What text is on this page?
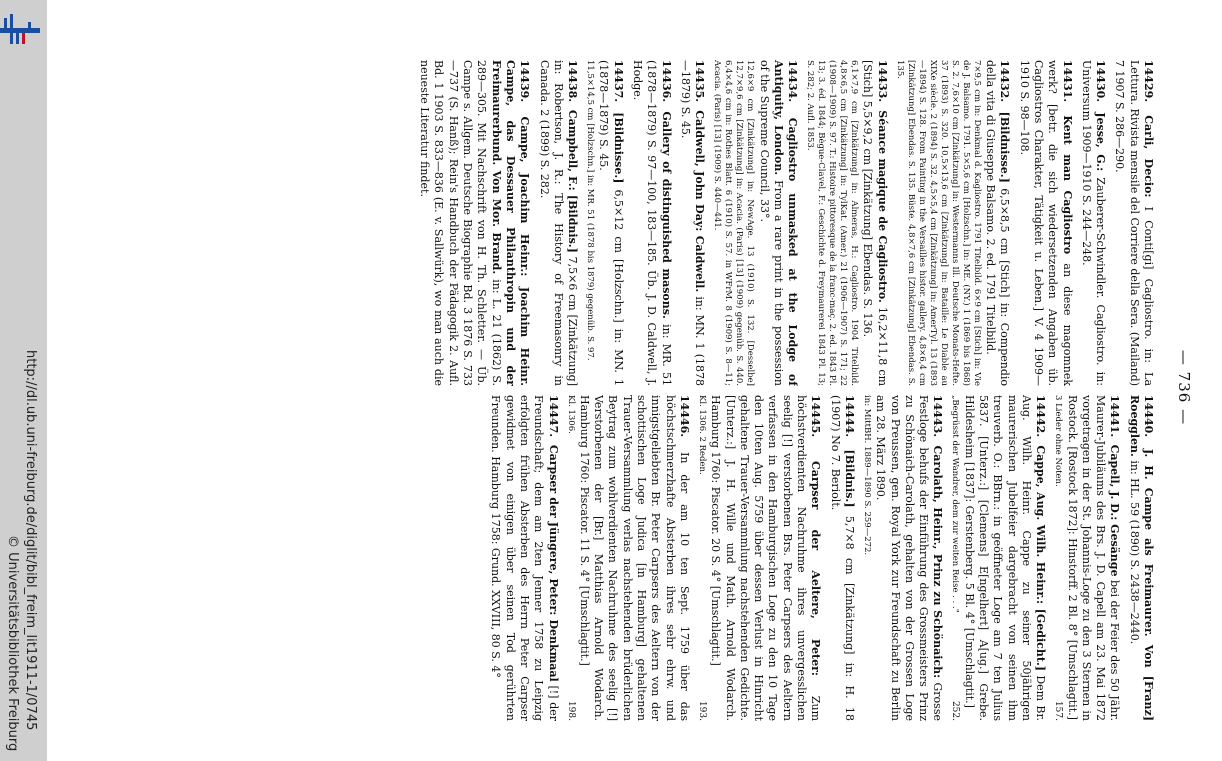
http://dl.ub.uni-freiburg.de/diglit/bibl_freim_lit1911-1/0745
© Universitätsbibliothek Freiburg
— 736 —
14429. Carli, Decio: I Conti[gi] Cagliostro. in: La Lettura. Rivista mensile del Corriere della Sera. (Mailand) 7 1907 S. 286—290.
14430. Jesse, G.: Zauberer-Schwindler. Cagliostro. in: Universum 1909—1910 S. 244—248.
14431. Kent man Cagliostro an diese magomnek werk? [betr. die sich wiedersetzenden Angaben üb. Cagliostros Charakter, Tätigkeit u. Leben.] V. 4 1909—1910 S. 98—108.
14432. [Bildnisse.] 6,5×8,5 cm [Stich] in: Compendio della vita di Giuseppe Balsamo. 2. ed. 1791 Titelbild.
7×9,5 cm in: Denkmal d. Kagliostro. 1791 Titelbild. 6×9 cm [Stich] in: Vie de J. Balsamo. 1791. 5×5,6 cm [Holzschn.] in: ME. (NY.) 1 (1869 bis 1868) S. 2. 7,6×10 cm [Zinkätzung] in: Westermanns Ill. Deutsche Monats-Hefte. 37 (1893) S. 320. 10,5×13,6 cm [Zinkätzung] in: Bataille: Le Diable au XIXe siècle. 2 (1894) S. 32. 4,5×5,4 cm [Zinkätzung] in: AmerTyl. 13 (1893—1894) S. 128. From Painting in the Versailles histor. gallery. 4,8×6,4 cm [Zinkätzung] Ebendas. S. 135. Büste. 4,8×7,6 cm [Zinkätzung] Ebendas. S. 135.
14433. Séance magique de Cagliostro. 16,2×11,8 cm [Stich] 5,5×9,2 cm [Zinkätzung] Ebendas. S. 136.
6,1×7,9 cm [Zinkätzung] in: Almeras, H.: Cagliostro. 1904 Titelbild. 4,8×6,5 cm [Zinkätzung] in: TylKat. (Amer.) 21 (1906—1907) S. 171; 22 (1908—1909) S. 97. T.: Histoire pittoresque de la franc-maç. 2. ed. 1843 Pl. 13; 3. éd. 1844; Bègue-Clavel, F.: Geschichte d. Freymaurerei 1843 Pl. 13; S. 282; 2. Aufl. 1853.
14434. Cagliostro unmasked at the Lodge of Antiquity, London. From a rare print in the possession of the Supreme Council, 33°.
12,6×9 cm [Zinkätzung] in: NewAge. 13 (1910) S. 132. [Desselbe] 12,7×9,6 cm [Zinkätzung] in: Acacia. (Paris) [13] (1909) gegenüb. S. 440. 6,4×4,6 cm in: Rothes Blatt. 6 (1910) S. 57. in WFrM. 8 (1909) S. 8—11; Acacia. (Paris) [13] (1909) S. 440—441.
14435. Caldwell, John Day: Caldwell. in: MN. 1 (1878—1879) S. 45.
14436. Gallery of distinguished masons. in: MR. 51 (1878—1879) S. 97—100, 183—185. Üb. J. D. Caldwell, J. Hodge.
14437. [Bildnisse.] 6,5×12 cm [Holzschn.] in: MN. 1 (1878—1879) S. 45.
11,5×14,5 cm [Holzschn.] in: MR. 51 (1878 bis 1879) gegenüb. S. 97.
14438. Campbell, F.: [Bildnis.] 7,5×6 cm [Zinkätzung] in: Robertson, J. R.: The History of Freemasonry in Canada. 2 (1899) S. 282.
14439. Campe, Joachim Heinr.: Joachim Heinr. Campe, das Dessauer Philanthropin und der Freimaurerbund. Von Mor. Brand. in: L. 21 (1862) S. 289—305. Mit Nachschrift von H. Th. Schletter. — Üb. Campe s. Allgem. Deutsche Biographie Bd. 3 1876 S. 733—737 (S. Hanß); Rein's Handbuch der Pädagogik 2. Aufl. Bd. 1 1903 S. 833—836 (E. v. Sallwürk), wo man auch die neueste Literatur findet.
14440. J. H. Campe als Freimaurer. Von [Franz] Roegglen. in: HL. 59 (1890) S. 2438—2440.
14441. Capell, J. D.: Gesänge bei der Feier des 50 Jähr. Maurer-Jubiläums des Brs. J. D. Capell am 23. Mai 1872 vorgetragen in der St. Johannis-Loge zu den 3 Sternen in Rostock. [Rostock 1872]: Hinstorff. 2 Bl. 8° [Umschlagtit.]
3 Lieder ohne Noten.
157.
14442. Cappe, Aug. Wilh. Heinr.: [Gedicht.] Dem Br. Aug. Wilh. Heinr. Cappe zu seiner 50jährigen maurerischen Jubelfeier dargebracht von seinen ihm treuverb. O.: BBrn.: in geöffneter Loge am 7 ten Julius 5837. [Unterz.:] [Clemens] E[ngelhert] A[ug.] Grebe. Hildesheim [1837]: Gerstenberg. 5 Bl. 4° [Umschlagtit.]
„Begrüsst der Wandrer, dem zur weiten Reise . . ."
252.
14443. Carolath, Heinr., Prinz zu Schönaich: Grosse Festloge behufs der Einführung des Grossmeisters Prinz zu Schönaich-Carolath, gehalten von der Grossen Loge von Preussen, gen. Royal York zur Freundschaft zu Berlin am 28. März 1890.
in: MittBH. 1889—1890 S. 259—272.
14444. [Bildnis.] 5,7×8 cm [Zinkätzung] in: H. 18 (1907) No 7. Beriolt.
14445. Carpser der Aeltere, Peter: Zum höchstverdienten Nachruhme ihres unvergesslichen seelig [!] verstorbenen Brs. Peter Carpsers des Aeltern verfassen in den Hamburgischen Loge zu den 10 Tage den 10ten Aug. 5759 über dessen Verlust in Hinricht gehaltene Trauer-Versammlung nachstehenden Gedichte. [Unterz.:] J. H. Wille und Math. Arnold Wodarch. Hamburg 1760: Piscator. 20 S. 4° [Umschlagtit.]
Kl. 1306. 2 Reden.
193.
14446. In der am 10 ten Sept. 1759 über das höchstschmerzhafte Absterben ihres sehr ehrw. und innigstgeliebten Br. Peter Carpsers des Aeltern von der schottischen Loge Judica [in Hamburg] gehaltenen Trauer-Versammlung verlas nachstehenden brüderlichen Beytrag zum wohlverdienten Nachruhme des seelig [!] Verstorbenen der [Br.] Matthias Arnold Wodarch. Hamburg 1760: Piscator. 11 S. 4° [Umschlagtit.]
Kl. 1306.
198.
14447. Carpser der Jüngere, Peter: Denkmaal [!] der Freundschaft; dem am 2ten Jenner 1758 zu Leipzig erfolgten frühen Absterben des Herrn Peter Carpser gewidmet von einigen über seinen Tod gerührten Freunden. Hamburg 1758: Grund. XXVIII, 80 S. 4°
